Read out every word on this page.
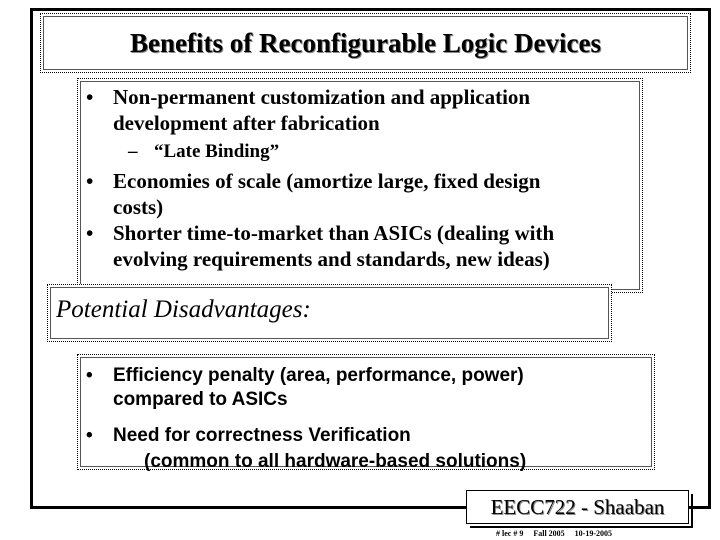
Benefits of Reconfigurable Logic Devices
• Non-permanent customization and application
development after fabrication
– “Late Binding”
• Economies of scale (amortize large, fixed design
costs)
• Shorter time-to-market than ASICs (dealing with
evolving requirements and standards, new ideas)
Potential Disadvantages:
•	Efficiency penalty (area, performance, power)
compared to ASICs
•	Need for correctness Verification
(common to all hardware-based solutions)
EECC722 - Shaaban
# lec # 9 Fall 2005 10-19-2005
